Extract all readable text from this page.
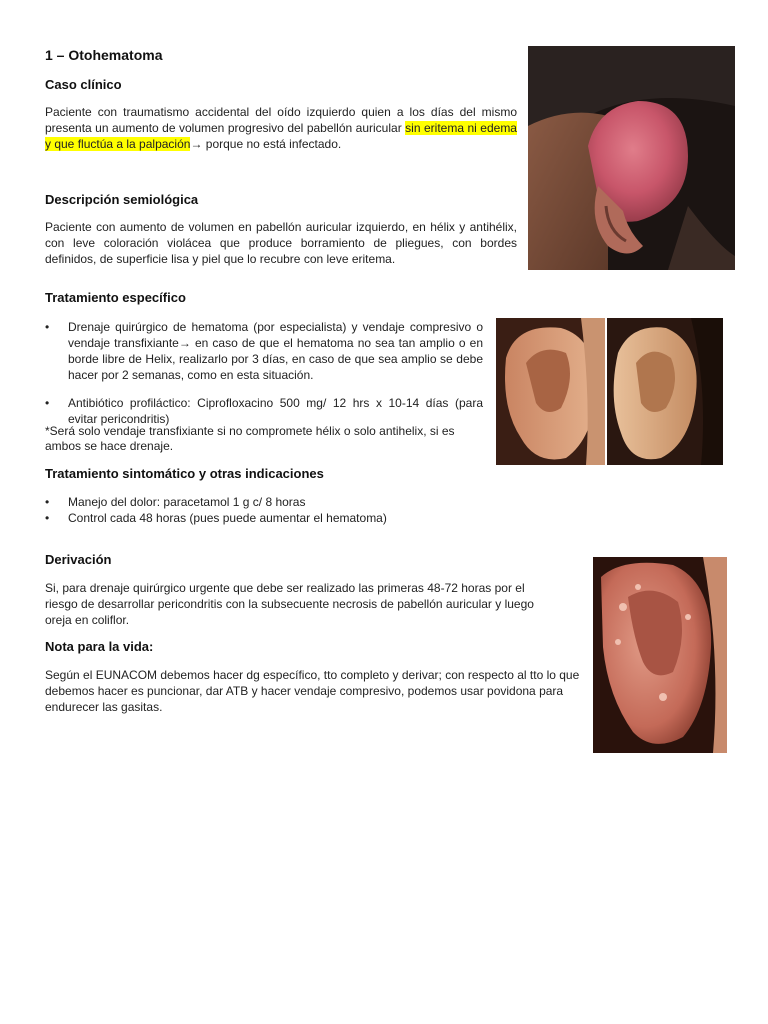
1 – Otohematoma
Caso clínico

Paciente con traumatismo accidental del oído izquierdo quien a los días del mismo presenta un aumento de volumen progresivo del pabellón auricular sin eritema ni edema y que fluctúa a la palpación→ porque no está infectado.

Descripción semiológica

Paciente con aumento de volumen en pabellón auricular izquierdo, en hélix y antihélix, con leve coloración violácea que produce borramiento de pliegues, con bordes definidos, de superficie lisa y piel que lo recubre con leve eritema.

Tratamiento específico
• Drenaje quirúrgico de hematoma (por especialista) y vendaje compresivo o vendaje transfixiante→ en caso de que el hematoma no sea tan amplio o en borde libre de Helix, realizarlo por 3 días, en caso de que sea amplio se debe hacer por 2 semanas, como en esta situación.
• Antibiótico profiláctico: Ciprofloxacino 500 mg/ 12 hrs x 10-14 días (para evitar pericondritis)
*Será solo vendaje transfixiante si no compromete hélix o solo antihelix, si es ambos se hace drenaje.
Tratamiento sintomático y otras indicaciones
• Manejo del dolor: paracetamol 1 g c/ 8 horas
• Control cada 48 horas (pues puede aumentar el hematoma)
Derivación

Si, para drenaje quirúrgico urgente que debe ser realizado las primeras 48-72 horas por el riesgo de desarrollar pericondritis con la subsecuente necrosis de pabellón auricular y luego oreja en coliflor.

Nota para la vida:

Según el EUNACOM debemos hacer dg específico, tto completo y derivar; con respecto al tto lo que debemos hacer es puncionar, dar ATB y hacer vendaje compresivo, podemos usar povidona para endurecer las gasitas.
